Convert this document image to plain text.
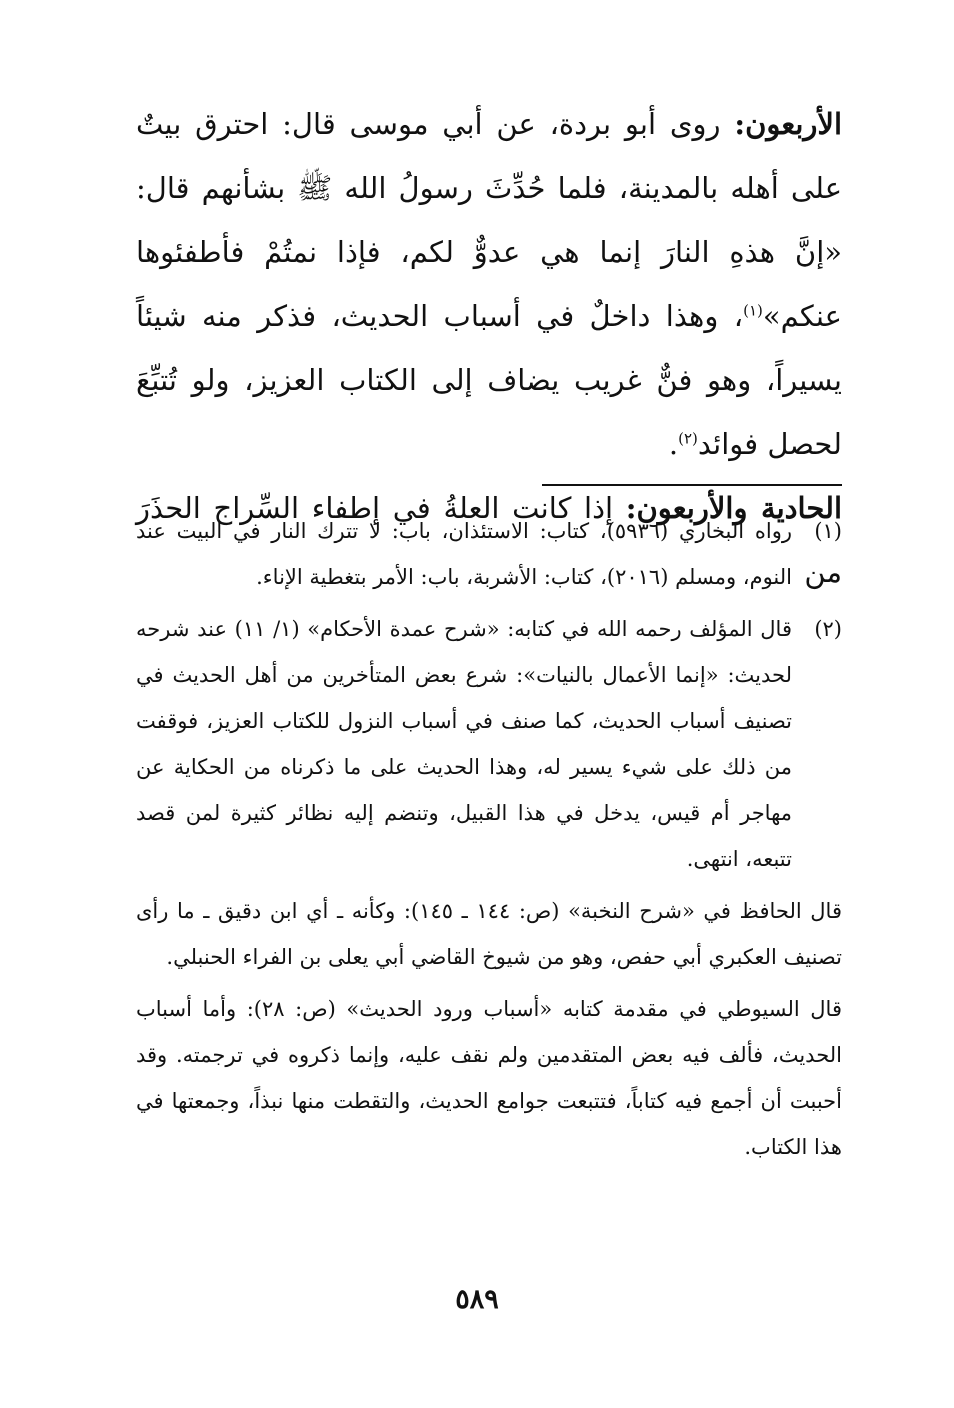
الأربعون: روى أبو بردة، عن أبي موسى قال: احترق بيتٌ على أهله بالمدينة، فلما حُدِّثَ رسولُ الله ﷺ بشأنهم قال: «إنَّ هذهِ النارَ إنما هي عدوٌّ لكم، فإذا نمتُمْ فأطفئوها عنكم»$^{(١)}$، وهذا داخلٌ في أسباب الحديث، فذكر منه شيئاً يسيراً، وهو فنٌّ غريب يضاف إلى الكتاب العزيز، ولو تُتبِّعَ لحصل فوائد$^{(٢)}$.

الحادية والأربعون: إذا كانت العلةُ في إطفاء السِّراج الحذَرَ من

(١)

رواه البخاري (٥٩٣٦)، كتاب: الاستئذان، باب: لا تترك النار في البيت عند النوم، ومسلم (٢٠١٦)، كتاب: الأشربة، باب: الأمر بتغطية الإناء.

(٢)

قال المؤلف رحمه الله في كتابه: «شرح عمدة الأحكام» (١/ ١١) عند شرحه لحديث: «إنما الأعمال بالنيات»: شرع بعض المتأخرين من أهل الحديث في تصنيف أسباب الحديث، كما صنف في أسباب النزول للكتاب العزيز، فوقفت من ذلك على شيء يسير له، وهذا الحديث على ما ذكرناه من الحكاية عن مهاجر أم قيس، يدخل في هذا القبيل، وتنضم إليه نظائر كثيرة لمن قصد تتبعه، انتهى.

قال الحافظ في «شرح النخبة» (ص: ١٤٤ ـ ١٤٥): وكأنه ـ أي ابن دقيق ـ ما رأى تصنيف العكبري أبي حفص، وهو من شيوخ القاضي أبي يعلى بن الفراء الحنبلي.

قال السيوطي في مقدمة كتابه «أسباب ورود الحديث» (ص: ٢٨): وأما أسباب الحديث، فألف فيه بعض المتقدمين ولم نقف عليه، وإنما ذكروه في ترجمته. وقد أحببت أن أجمع فيه كتاباً، فتتبعت جوامع الحديث، والتقطت منها نبذاً، وجمعتها في هذا الكتاب.

٥٨٩
